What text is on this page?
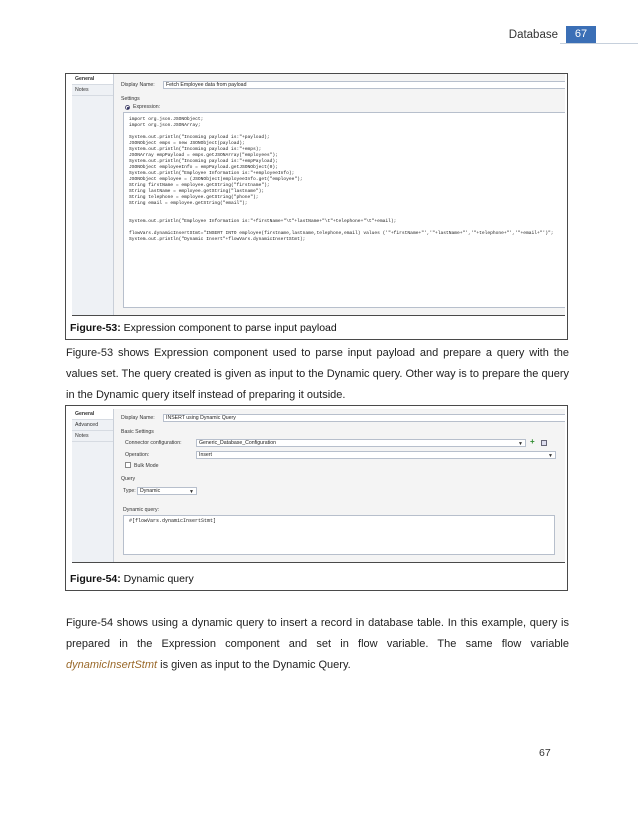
Database	67
General
Notes
Display Name:	Fetch Employee data from payload
Settings
Expression:
import org.json.JSONObject;
import org.json.JSONArray;
System.out.println("Incoming payload is:"+payload);
JSONObject emps = new JSONObject(payload);
System.out.println("Incoming payload is:"+emps);
JSONArray empPayload = emps.getJSONArray("employees");
System.out.println("Incoming payload is:"+empPayload);
JSONObject employeeInfo = empPayload.getJSONObject(0);
System.out.println("Employee Information is:"+employeeInfo);
JSONObject employee = (JSONObject)employeeInfo.get("employee");
String firstName = employee.getString("firstname");
String lastName = employee.getString("lastname");
String telephone = employee.getString("phone");
String email = employee.getString("email");
System.out.println("Employee Information is:"+firstName+"\t"+lastName+"\t"+telephone+"\t"+email);
flowVars.dynamicInsertStmt="INSERT INTO employee(firstname,lastname,telephone,email) values ('"+firstName+"','"+lastName+"','"+telephone+"','"+email+"')";
System.out.println("Dynamic Insert"+flowVars.dynamicInsertStmt);
Figure-53: Expression component to parse input payload
Figure-53 shows Expression component used to parse input payload and prepare a query with the values set. The query created is given as input to the Dynamic query. Other way is to prepare the query in the Dynamic query itself instead of preparing it outside.
General
Advanced
Notes
Display Name:	INSERT using Dynamic Query
Basic Settings
Connector configuration:	Generic_Database_Configuration	▼ +
Operation:	Insert	▼
Bulk Mode
Query
Type: Dynamic	▼
Dynamic query:
#[flowVars.dynamicInsertStmt]
Figure-54: Dynamic query
Figure-54 shows using a dynamic query to insert a record in database table. In this example, query is prepared in the Expression component and set in flow variable. The same flow variable dynamicInsertStmt is given as input to the Dynamic Query.
67
